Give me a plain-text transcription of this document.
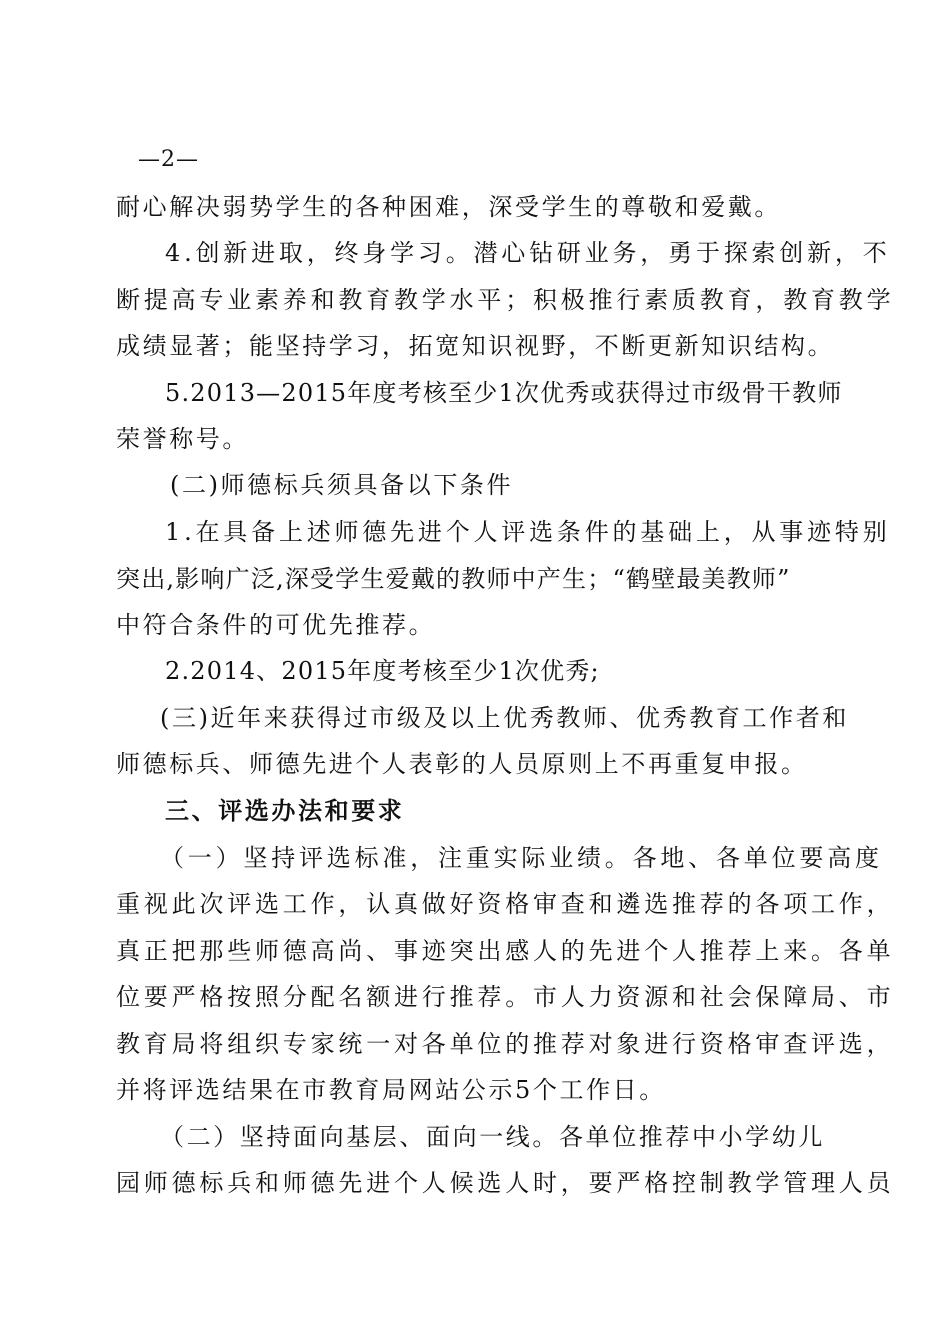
—2—
耐心解决弱势学生的各种困难，深受学生的尊敬和爱戴。
4.创新进取，终身学习。潜心钻研业务，勇于探索创新，不
断提高专业素养和教育教学水平；积极推行素质教育，教育教学
成绩显著；能坚持学习，拓宽知识视野，不断更新知识结构。
5.2013—2015年度考核至少1次优秀或获得过市级骨干教师
荣誉称号。
(二)师德标兵须具备以下条件
1.在具备上述师德先进个人评选条件的基础上，从事迹特别
突出,影响广泛,深受学生爱戴的教师中产生；“鹤壁最美教师”
中符合条件的可优先推荐。
2.2014、2015年度考核至少1次优秀;
(三)近年来获得过市级及以上优秀教师、优秀教育工作者和
师德标兵、师德先进个人表彰的人员原则上不再重复申报。
三、评选办法和要求
（一）坚持评选标准，注重实际业绩。各地、各单位要高度
重视此次评选工作，认真做好资格审查和遴选推荐的各项工作，
真正把那些师德高尚、事迹突出感人的先进个人推荐上来。各单
位要严格按照分配名额进行推荐。市人力资源和社会保障局、市
教育局将组织专家统一对各单位的推荐对象进行资格审查评选，
并将评选结果在市教育局网站公示5个工作日。
（二）坚持面向基层、面向一线。各单位推荐中小学幼儿
园师德标兵和师德先进个人候选人时，要严格控制教学管理人员
